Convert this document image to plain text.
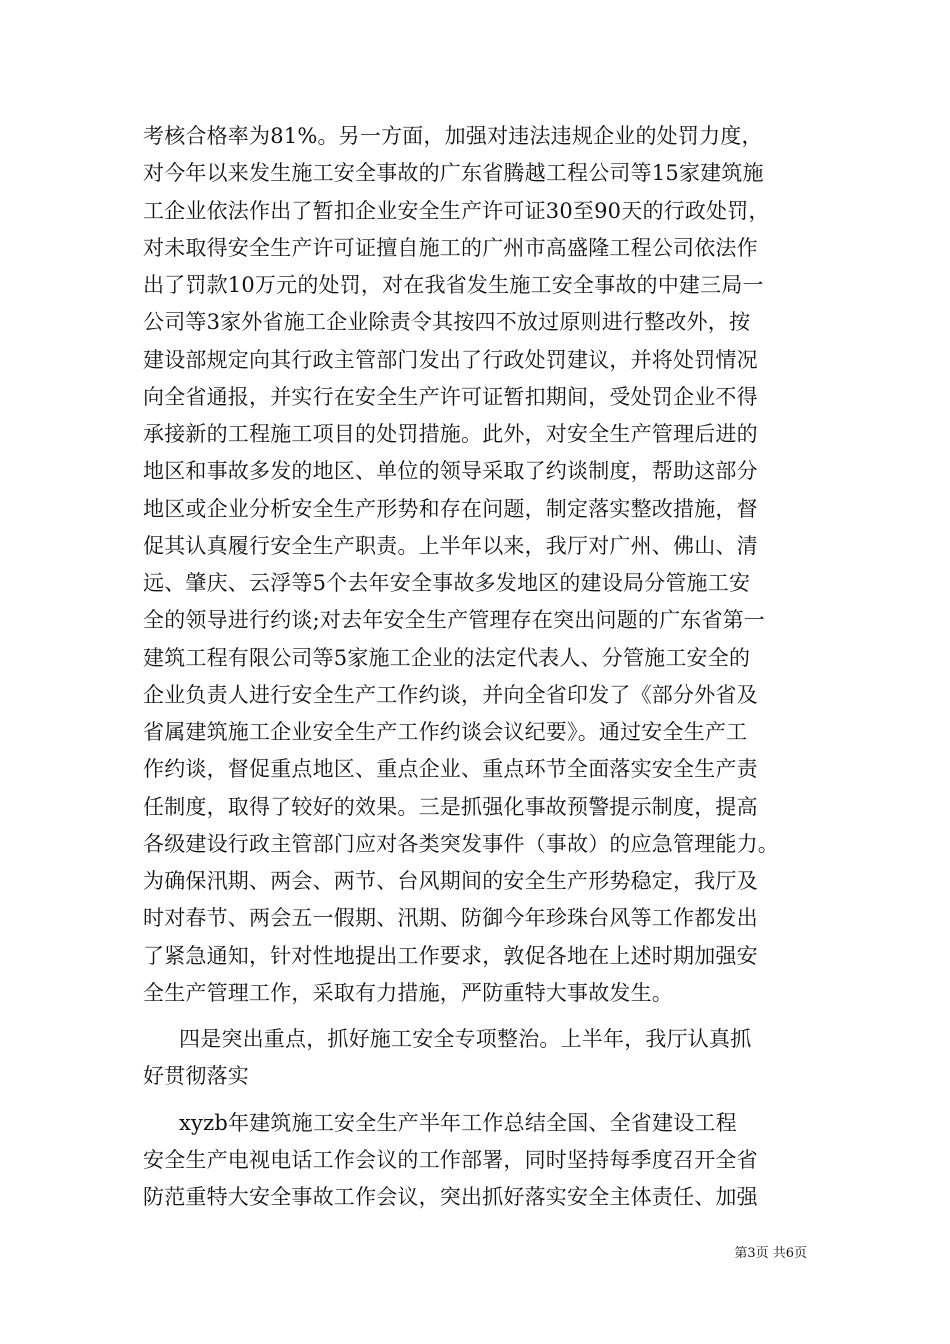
考核合格率为81%。另一方面，加强对违法违规企业的处罚力度，
对今年以来发生施工安全事故的广东省腾越工程公司等15家建筑施
工企业依法作出了暂扣企业安全生产许可证30至90天的行政处罚，
对未取得安全生产许可证擅自施工的广州市高盛隆工程公司依法作
出了罚款10万元的处罚，对在我省发生施工安全事故的中建三局一
公司等3家外省施工企业除责令其按四不放过原则进行整改外，按
建设部规定向其行政主管部门发出了行政处罚建议，并将处罚情况
向全省通报，并实行在安全生产许可证暂扣期间，受处罚企业不得
承接新的工程施工项目的处罚措施。此外，对安全生产管理后进的
地区和事故多发的地区、单位的领导采取了约谈制度，帮助这部分
地区或企业分析安全生产形势和存在问题，制定落实整改措施，督
促其认真履行安全生产职责。上半年以来，我厅对广州、佛山、清
远、肇庆、云浮等5个去年安全事故多发地区的建设局分管施工安
全的领导进行约谈;对去年安全生产管理存在突出问题的广东省第一
建筑工程有限公司等5家施工企业的法定代表人、分管施工安全的
企业负责人进行安全生产工作约谈，并向全省印发了《部分外省及
省属建筑施工企业安全生产工作约谈会议纪要》。通过安全生产工
作约谈，督促重点地区、重点企业、重点环节全面落实安全生产责
任制度，取得了较好的效果。三是抓强化事故预警提示制度，提高
各级建设行政主管部门应对各类突发事件（事故）的应急管理能力。
为确保汛期、两会、两节、台风期间的安全生产形势稳定，我厅及
时对春节、两会五一假期、汛期、防御今年珍珠台风等工作都发出
了紧急通知，针对性地提出工作要求，敦促各地在上述时期加强安
全生产管理工作，采取有力措施，严防重特大事故发生。
四是突出重点，抓好施工安全专项整治。上半年，我厅认真抓
好贯彻落实
xyzb年建筑施工安全生产半年工作总结全国、全省建设工程
安全生产电视电话工作会议的工作部署，同时坚持每季度召开全省
防范重特大安全事故工作会议，突出抓好落实安全主体责任、加强
第3页 共6页
